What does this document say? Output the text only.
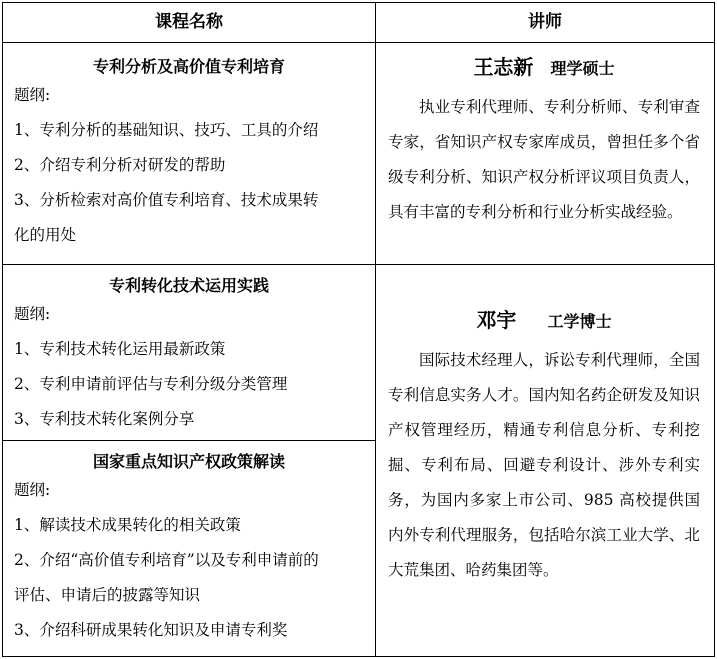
课程名称	讲师
专利分析及高价值专利培育
题纲:
1、专利分析的基础知识、技巧、工具的介绍
2、介绍专利分析对研发的帮助
3、分析检索对高价值专利培育、技术成果转
化的用处
专利转化技术运用实践
题纲:
1、专利技术转化运用最新政策
2、专利申请前评估与专利分级分类管理
3、专利技术转化案例分享
国家重点知识产权政策解读
题纲:
1、解读技术成果转化的相关政策
2、介绍“高价值专利培育”以及专利申请前的
评估、申请后的披露等知识
3、介绍科研成果转化知识及申请专利奖
王志新 理学硕士
执业专利代理师、专利分析师、专利审查专家，省知识产权专家库成员，曾担任多个省级专利分析、知识产权分析评议项目负责人，具有丰富的专利分析和行业分析实战经验。
邓宇 工学博士
国际技术经理人，诉讼专利代理师，全国专利信息实务人才。国内知名药企研发及知识产权管理经历，精通专利信息分析、专利挖掘、专利布局、回避专利设计、涉外专利实务，为国内多家上市公司、985 高校提供国内外专利代理服务，包括哈尔滨工业大学、北大荒集团、哈药集团等。
